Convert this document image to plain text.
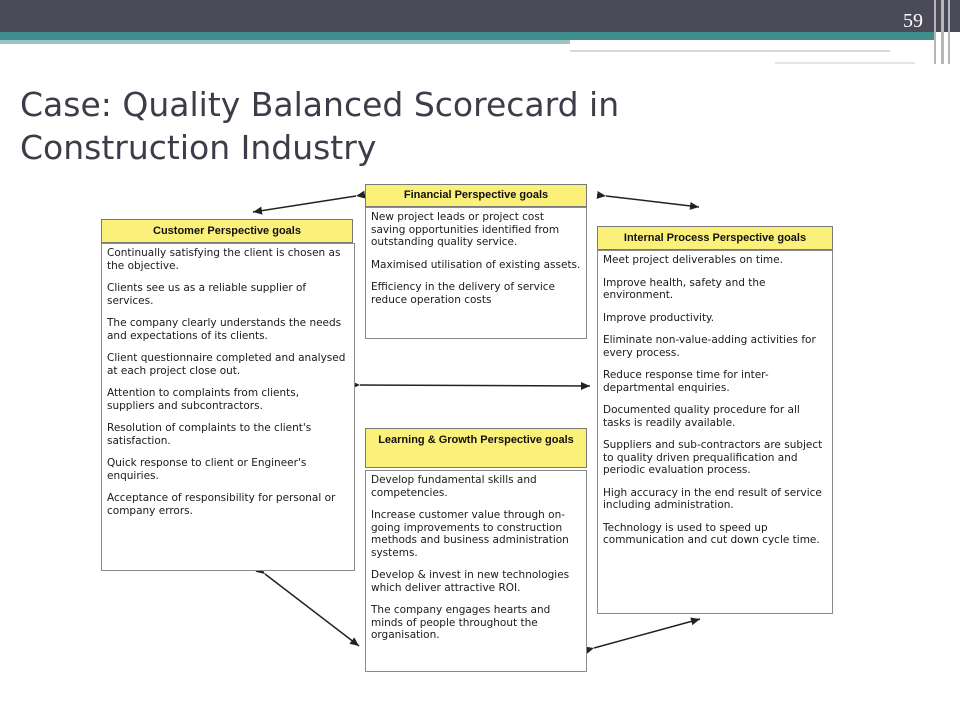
59
Case: Quality Balanced Scorecard in
Construction Industry
Financial Perspective goals

New project leads or project cost saving opportunities identified from outstanding quality service.

Maximised utilisation of existing assets.

Efficiency in the delivery of service reduce operation costs

Customer Perspective goals

Continually satisfying the client is chosen as the objective.

Clients see us as a reliable supplier of services.

The company clearly understands the needs and expectations of its clients.

Client questionnaire completed and analysed at each project close out.

Attention to complaints from clients, suppliers and subcontractors.

Resolution of complaints to the client's satisfaction.

Quick response to client or Engineer's enquiries.

Acceptance of responsibility for personal or company errors.

Internal Process Perspective goals

Meet project deliverables on time.

Improve health, safety and the environment.

Improve productivity.

Eliminate non-value-adding activities for every process.

Reduce response time for inter-departmental enquiries.

Documented quality procedure for all tasks is readily available.

Suppliers and sub-contractors are subject to quality driven prequalification and periodic evaluation process.

High accuracy in the end result of service including administration.

Technology is used to speed up communication and cut down cycle time.

Learning & Growth Perspective goals

Develop fundamental skills and competencies.

Increase customer value through on-going improvements to construction methods and business administration systems.

Develop & invest in new technologies which deliver attractive ROI.

The company engages hearts and minds of people throughout the organisation.
